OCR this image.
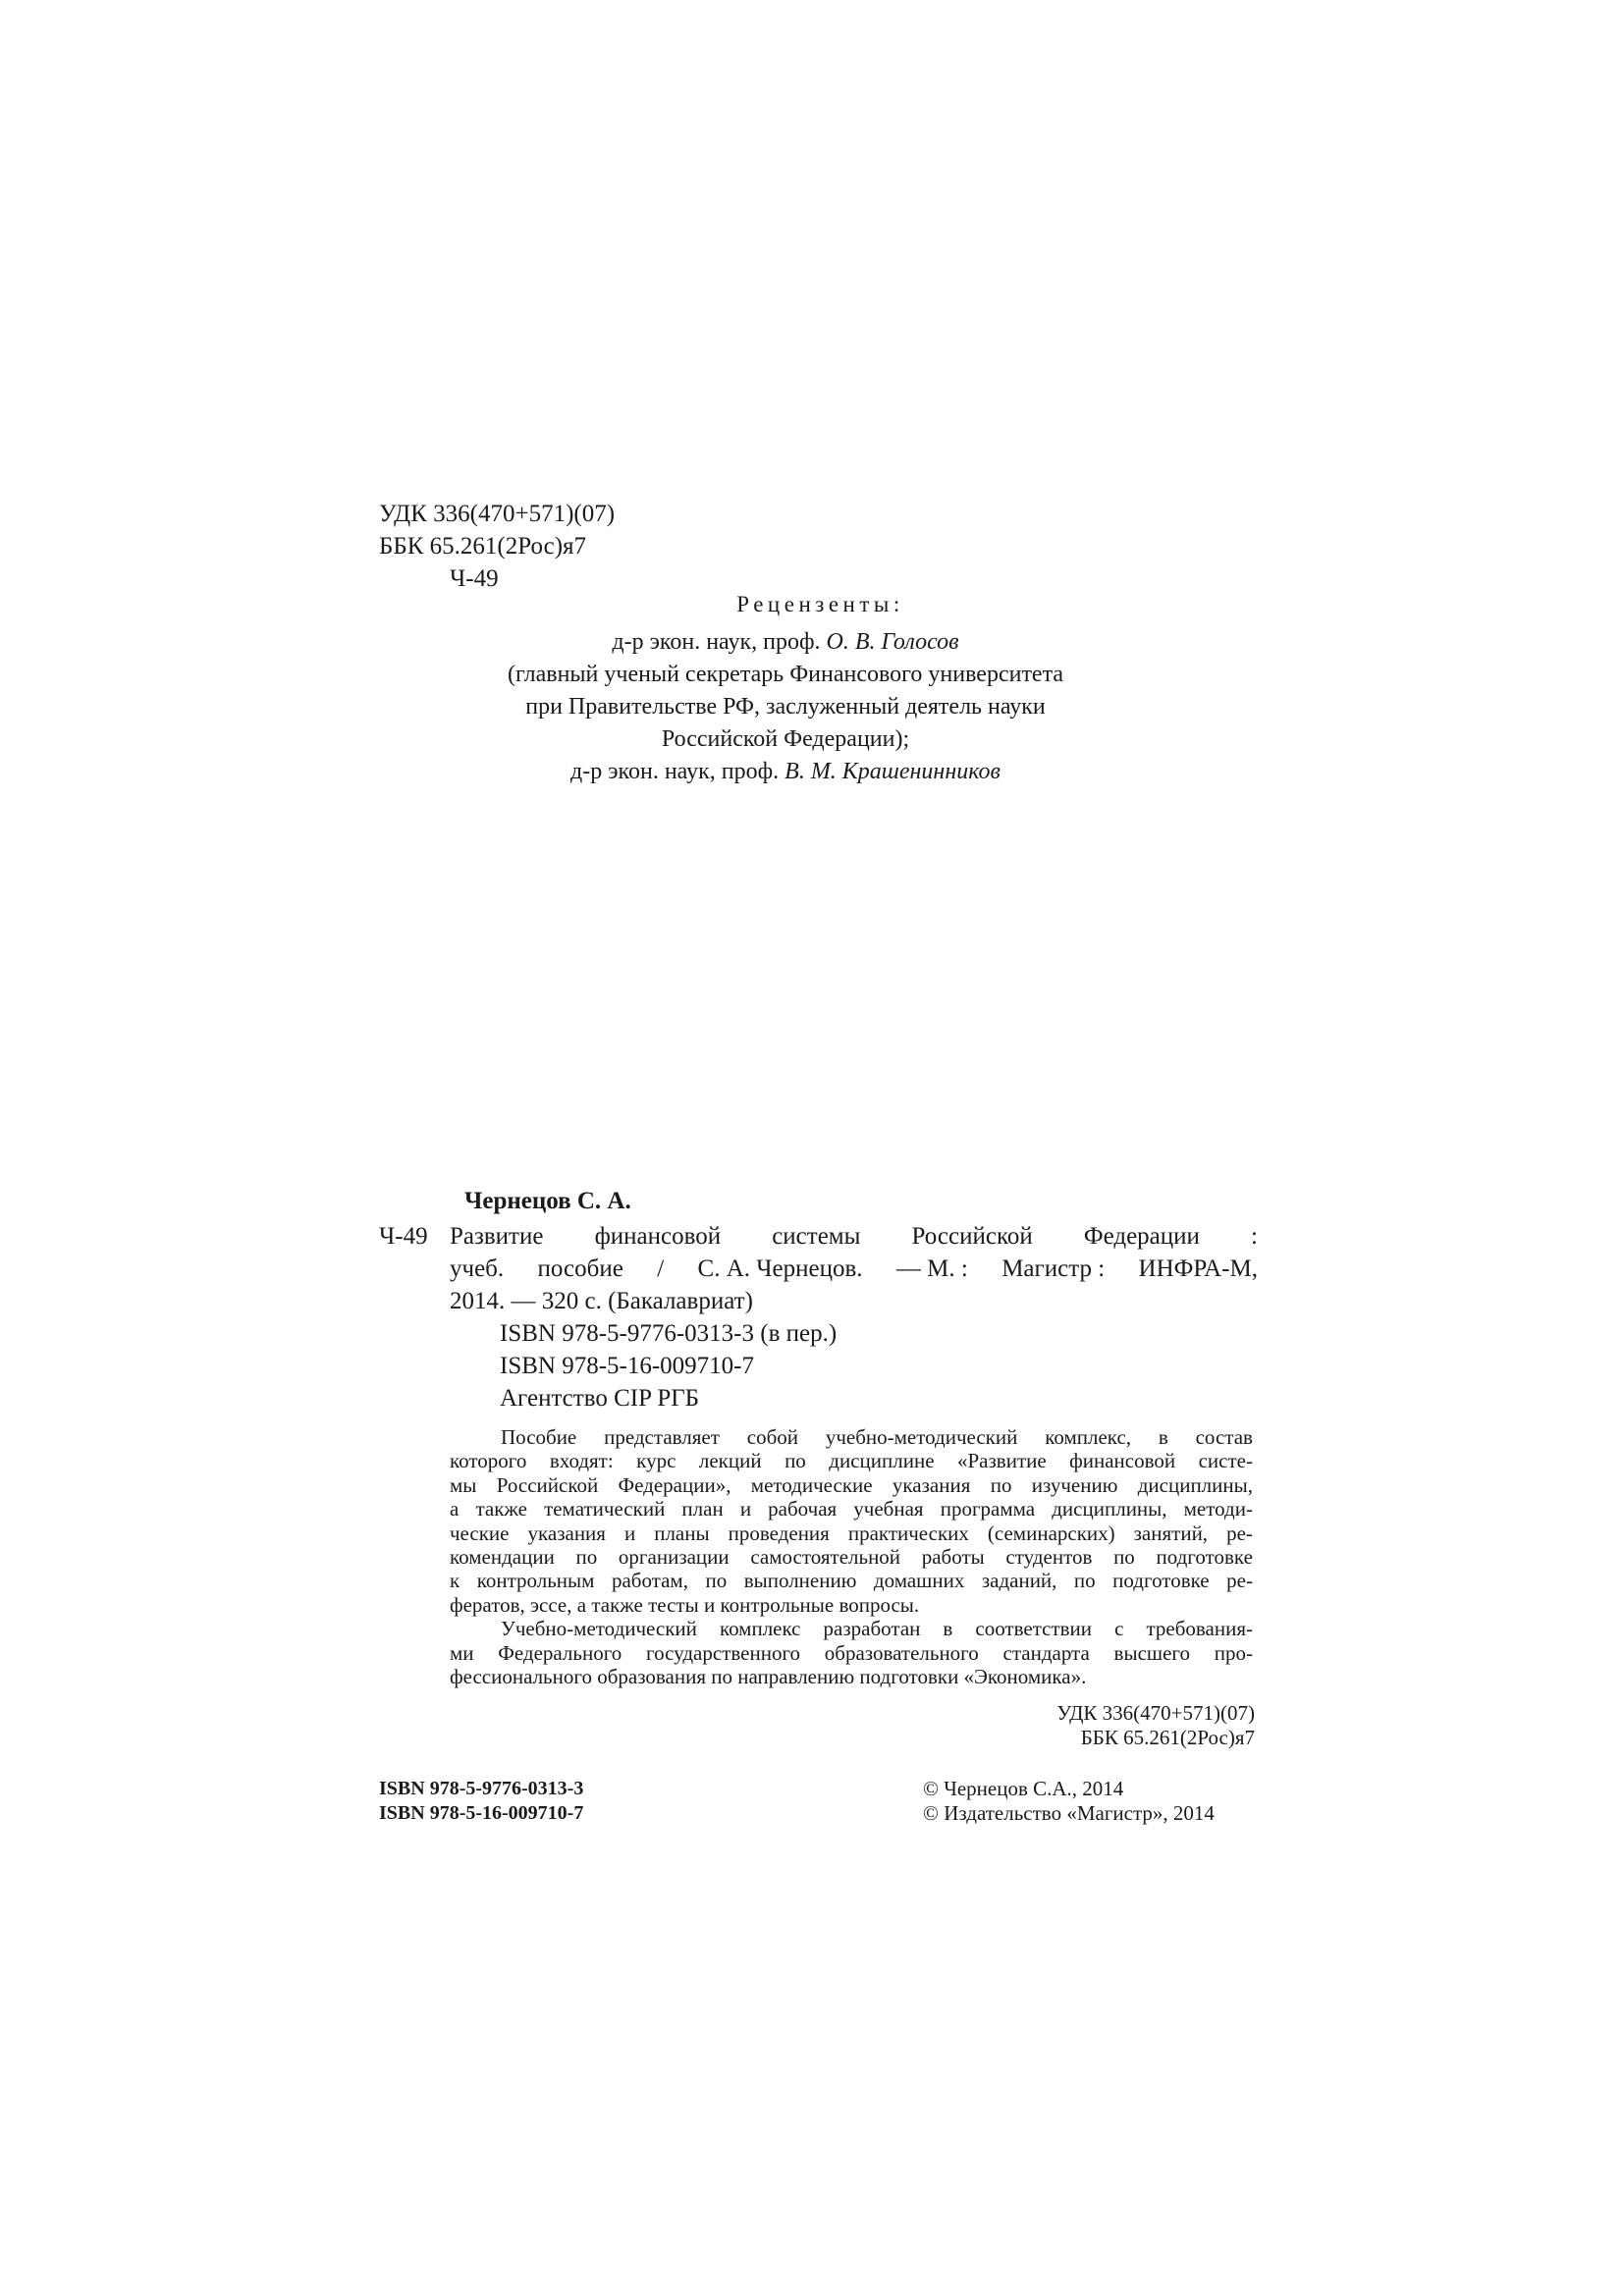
УДК 336(470+571)(07)
ББК 65.261(2Рос)я7
Ч-49
Рецензенты:
д-р экон. наук, проф. О. В. Голосов
(главный ученый секретарь Финансового университета
при Правительстве РФ, заслуженный деятель науки
Российской Федерации);
д-р экон. наук, проф. В. М. Крашенинников
Чернецов С. А.
Ч-49 Развитие финансовой системы Российской Федерации :
учеб. пособие / С. А. Чернецов. — М. : Магистр : ИНФРА-М,
2014. — 320 с. (Бакалавриат)
ISBN 978-5-9776-0313-3 (в пер.)
ISBN 978-5-16-009710-7
Агентство CIP РГБ
Пособие представляет собой учебно-методический комплекс, в состав
которого входят: курс лекций по дисциплине «Развитие финансовой систе-
мы Российской Федерации», методические указания по изучению дисциплины,
а также тематический план и рабочая учебная программа дисциплины, методи-
ческие указания и планы проведения практических (семинарских) занятий, ре-
комендации по организации самостоятельной работы студентов по подготовке
к контрольным работам, по выполнению домашних заданий, по подготовке ре-
фератов, эссе, а также тесты и контрольные вопросы.
Учебно-методический комплекс разработан в соответствии с требования-
ми Федерального государственного образовательного стандарта высшего про-
фессионального образования по направлению подготовки «Экономика».
УДК 336(470+571)(07)
ББК 65.261(2Рос)я7
ISBN 978-5-9776-0313-3
ISBN 978-5-16-009710-7
© Чернецов С.А., 2014
© Издательство «Магистр», 2014
